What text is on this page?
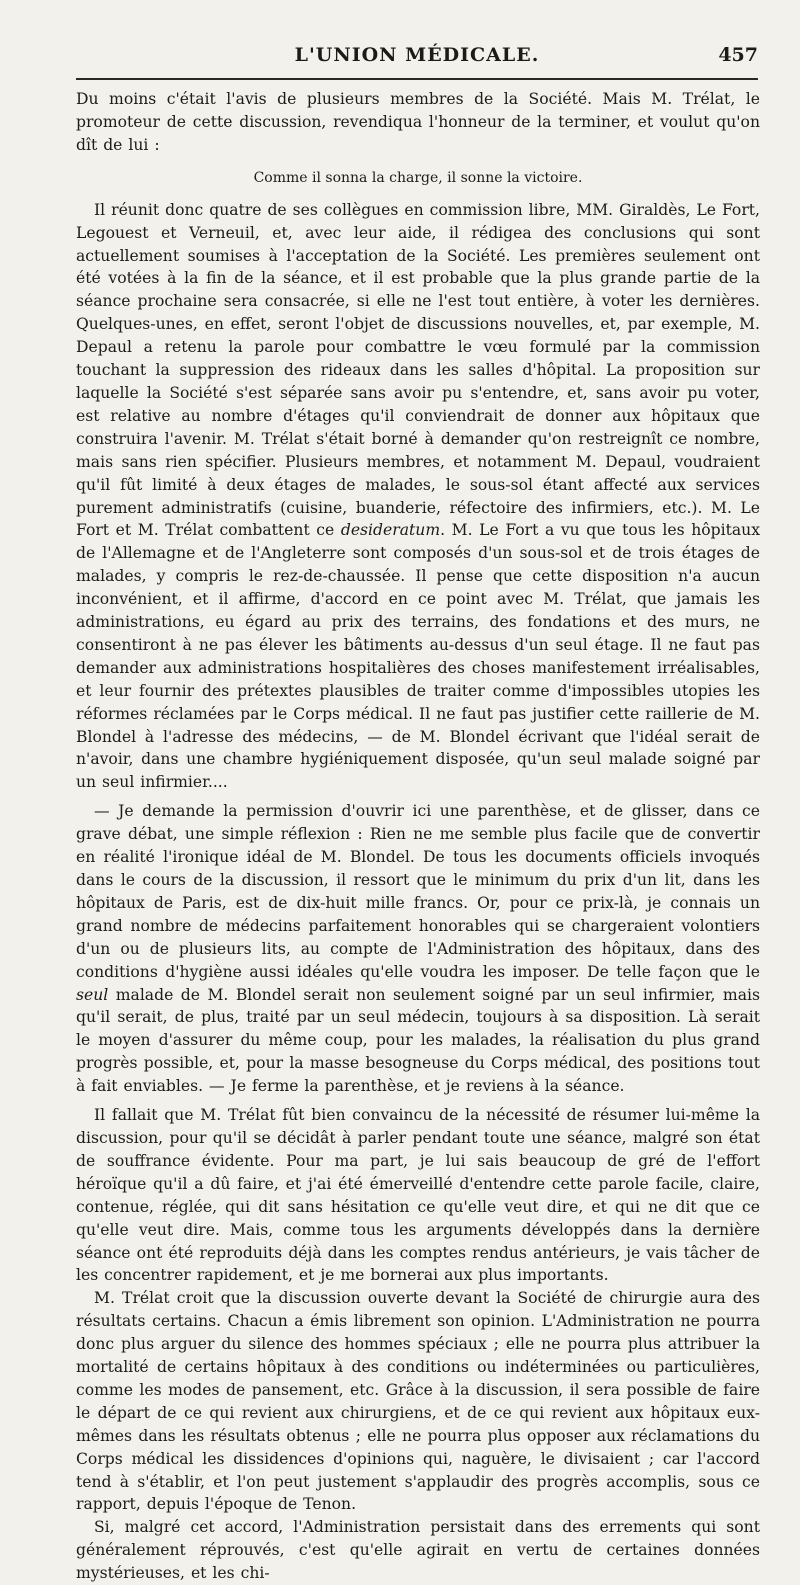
L'UNION MÉDICALE.	457

Du moins c'était l'avis de plusieurs membres de la Société. Mais M. Trélat, le promoteur de cette discussion, revendiqua l'honneur de la terminer, et voulut qu'on dît de lui :

Comme il sonna la charge, il sonne la victoire.

Il réunit donc quatre de ses collègues en commission libre, MM. Giraldès, Le Fort, Legouest et Verneuil, et, avec leur aide, il rédigea des conclusions qui sont actuellement soumises à l'acceptation de la Société. Les premières seulement ont été votées à la fin de la séance, et il est probable que la plus grande partie de la séance prochaine sera consacrée, si elle ne l'est tout entière, à voter les dernières. Quelques-unes, en effet, seront l'objet de discussions nouvelles, et, par exemple, M. Depaul a retenu la parole pour combattre le vœu formulé par la commission touchant la suppression des rideaux dans les salles d'hôpital. La proposition sur laquelle la Société s'est séparée sans avoir pu s'entendre, et, sans avoir pu voter, est relative au nombre d'étages qu'il conviendrait de donner aux hôpitaux que construira l'avenir. M. Trélat s'était borné à demander qu'on restreignît ce nombre, mais sans rien spécifier. Plusieurs membres, et notamment M. Depaul, voudraient qu'il fût limité à deux étages de malades, le sous-sol étant affecté aux services purement administratifs (cuisine, buanderie, réfectoire des infirmiers, etc.). M. Le Fort et M. Trélat combattent ce desideratum. M. Le Fort a vu que tous les hôpitaux de l'Allemagne et de l'Angleterre sont composés d'un sous-sol et de trois étages de malades, y compris le rez-de-chaussée. Il pense que cette disposition n'a aucun inconvénient, et il affirme, d'accord en ce point avec M. Trélat, que jamais les administrations, eu égard au prix des terrains, des fondations et des murs, ne consentiront à ne pas élever les bâtiments au-dessus d'un seul étage. Il ne faut pas demander aux administrations hospitalières des choses manifestement irréalisables, et leur fournir des prétextes plausibles de traiter comme d'impossibles utopies les réformes réclamées par le Corps médical. Il ne faut pas justifier cette raillerie de M. Blondel à l'adresse des médecins, — de M. Blondel écrivant que l'idéal serait de n'avoir, dans une chambre hygiéniquement disposée, qu'un seul malade soigné par un seul infirmier....

— Je demande la permission d'ouvrir ici une parenthèse, et de glisser, dans ce grave débat, une simple réflexion : Rien ne me semble plus facile que de convertir en réalité l'ironique idéal de M. Blondel. De tous les documents officiels invoqués dans le cours de la discussion, il ressort que le minimum du prix d'un lit, dans les hôpitaux de Paris, est de dix-huit mille francs. Or, pour ce prix-là, je connais un grand nombre de médecins parfaitement honorables qui se chargeraient volontiers d'un ou de plusieurs lits, au compte de l'Administration des hôpitaux, dans des conditions d'hygiène aussi idéales qu'elle voudra les imposer. De telle façon que le seul malade de M. Blondel serait non seulement soigné par un seul infirmier, mais qu'il serait, de plus, traité par un seul médecin, toujours à sa disposition. Là serait le moyen d'assurer du même coup, pour les malades, la réalisation du plus grand progrès possible, et, pour la masse besogneuse du Corps médical, des positions tout à fait enviables. — Je ferme la parenthèse, et je reviens à la séance.

Il fallait que M. Trélat fût bien convaincu de la nécessité de résumer lui-même la discussion, pour qu'il se décidât à parler pendant toute une séance, malgré son état de souffrance évidente. Pour ma part, je lui sais beaucoup de gré de l'effort héroïque qu'il a dû faire, et j'ai été émerveillé d'entendre cette parole facile, claire, contenue, réglée, qui dit sans hésitation ce qu'elle veut dire, et qui ne dit que ce qu'elle veut dire. Mais, comme tous les arguments développés dans la dernière séance ont été reproduits déjà dans les comptes rendus antérieurs, je vais tâcher de les concentrer rapidement, et je me bornerai aux plus importants.

M. Trélat croit que la discussion ouverte devant la Société de chirurgie aura des résultats certains. Chacun a émis librement son opinion. L'Administration ne pourra donc plus arguer du silence des hommes spéciaux ; elle ne pourra plus attribuer la mortalité de certains hôpitaux à des conditions ou indéterminées ou particulières, comme les modes de pansement, etc. Grâce à la discussion, il sera possible de faire le départ de ce qui revient aux chirurgiens, et de ce qui revient aux hôpitaux eux-mêmes dans les résultats obtenus ; elle ne pourra plus opposer aux réclamations du Corps médical les dissidences d'opinions qui, naguère, le divisaient ; car l'accord tend à s'établir, et l'on peut justement s'applaudir des progrès accomplis, sous ce rapport, depuis l'époque de Tenon.

Si, malgré cet accord, l'Administration persistait dans des errements qui sont généralement réprouvés, c'est qu'elle agirait en vertu de certaines données mystérieuses, et les chi-
